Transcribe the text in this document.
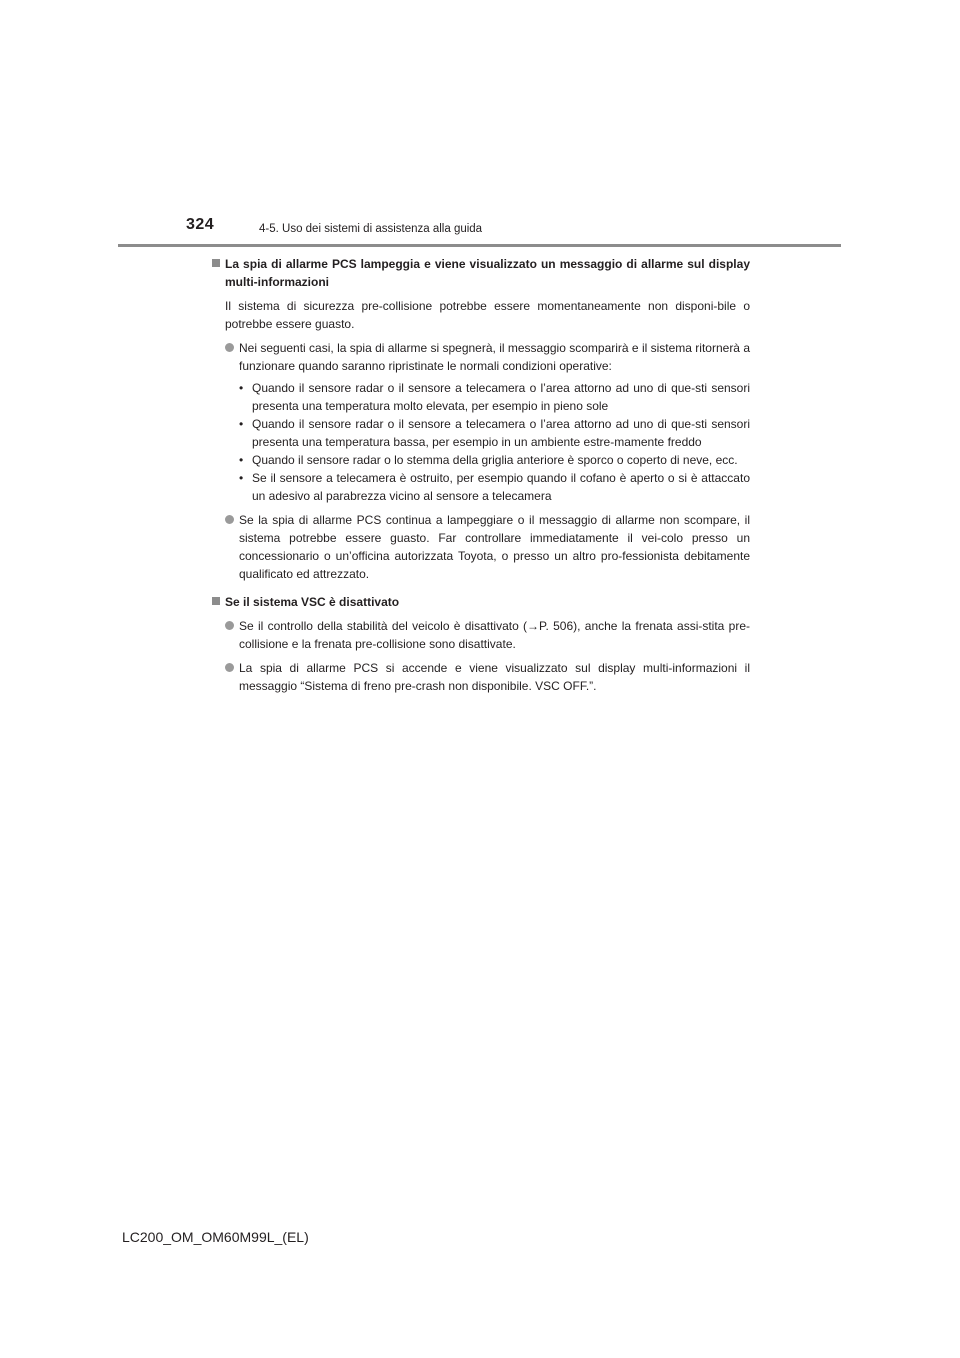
324	4-5. Uso dei sistemi di assistenza alla guida
La spia di allarme PCS lampeggia e viene visualizzato un messaggio di allarme sul display multi-informazioni
Il sistema di sicurezza pre-collisione potrebbe essere momentaneamente non disponi-bile o potrebbe essere guasto.
Nei seguenti casi, la spia di allarme si spegnerà, il messaggio scomparirà e il sistema ritornerà a funzionare quando saranno ripristinate le normali condizioni operative:
• Quando il sensore radar o il sensore a telecamera o l’area attorno ad uno di que-sti sensori presenta una temperatura molto elevata, per esempio in pieno sole
• Quando il sensore radar o il sensore a telecamera o l’area attorno ad uno di que-sti sensori presenta una temperatura bassa, per esempio in un ambiente estre-mamente freddo
• Quando il sensore radar o lo stemma della griglia anteriore è sporco o coperto di neve, ecc.
• Se il sensore a telecamera è ostruito, per esempio quando il cofano è aperto o si è attaccato un adesivo al parabrezza vicino al sensore a telecamera
Se la spia di allarme PCS continua a lampeggiare o il messaggio di allarme non scompare, il sistema potrebbe essere guasto. Far controllare immediatamente il vei-colo presso un concessionario o un’officina autorizzata Toyota, o presso un altro pro-fessionista debitamente qualificato ed attrezzato.
Se il sistema VSC è disattivato
Se il controllo della stabilità del veicolo è disattivato (→P. 506), anche la frenata assi-stita pre-collisione e la frenata pre-collisione sono disattivate.
La spia di allarme PCS si accende e viene visualizzato sul display multi-informazioni il messaggio “Sistema di freno pre-crash non disponibile. VSC OFF.”.
LC200_OM_OM60M99L_(EL)
